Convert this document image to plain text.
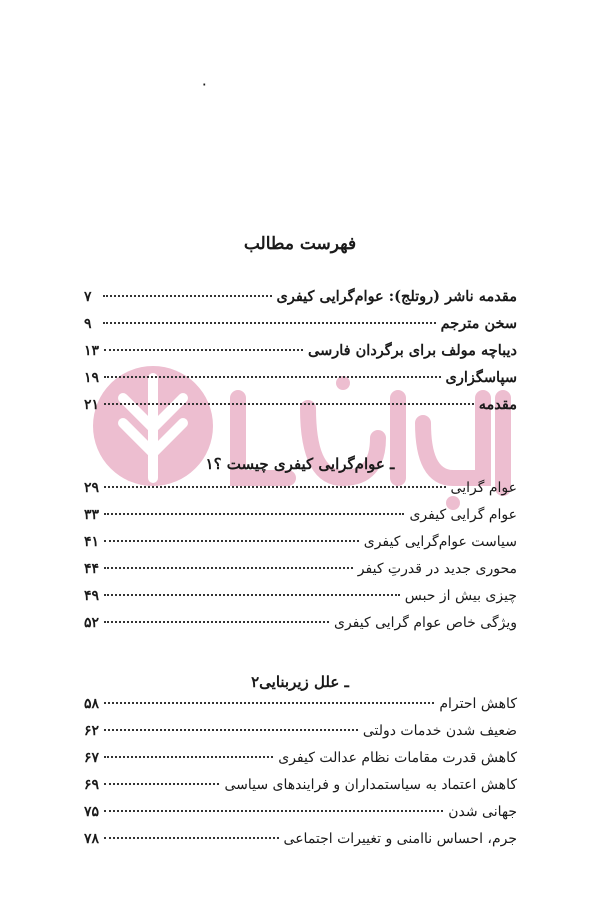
٠
فهرست مطالب
مقدمه ناشر (روتلج): عوام‌گرایی کیفری
۷
سخن مترجم
۹
دیباچه مولف برای برگردان فارسی
۱۳
سپاسگزاری
۱۹
مقدمه
۲۱
۱ـ عوام‌گرایی کیفری چیست ؟
عوام گرایی
۲۹
عوام گرایی کیفری
۳۳
سیاست عوام‌گرایی کیفری
۴۱
محوری جدید در قدرتِ کیفر
۴۴
چیزی بیش از حبس
۴۹
ویژگی خاص عوام گرایی کیفری
۵۲
۲ـ علل زیربنایی
کاهش احترام
۵۸
ضعیف شدن خدمات دولتی
۶۲
کاهش قدرت مقامات نظام عدالت کیفری
۶۷
کاهش اعتماد به سیاستمداران و فرایندهای سیاسی
۶۹
جهانی شدن
۷۵
جرم، احساس ناامنی و تغییرات اجتماعی
۷۸
